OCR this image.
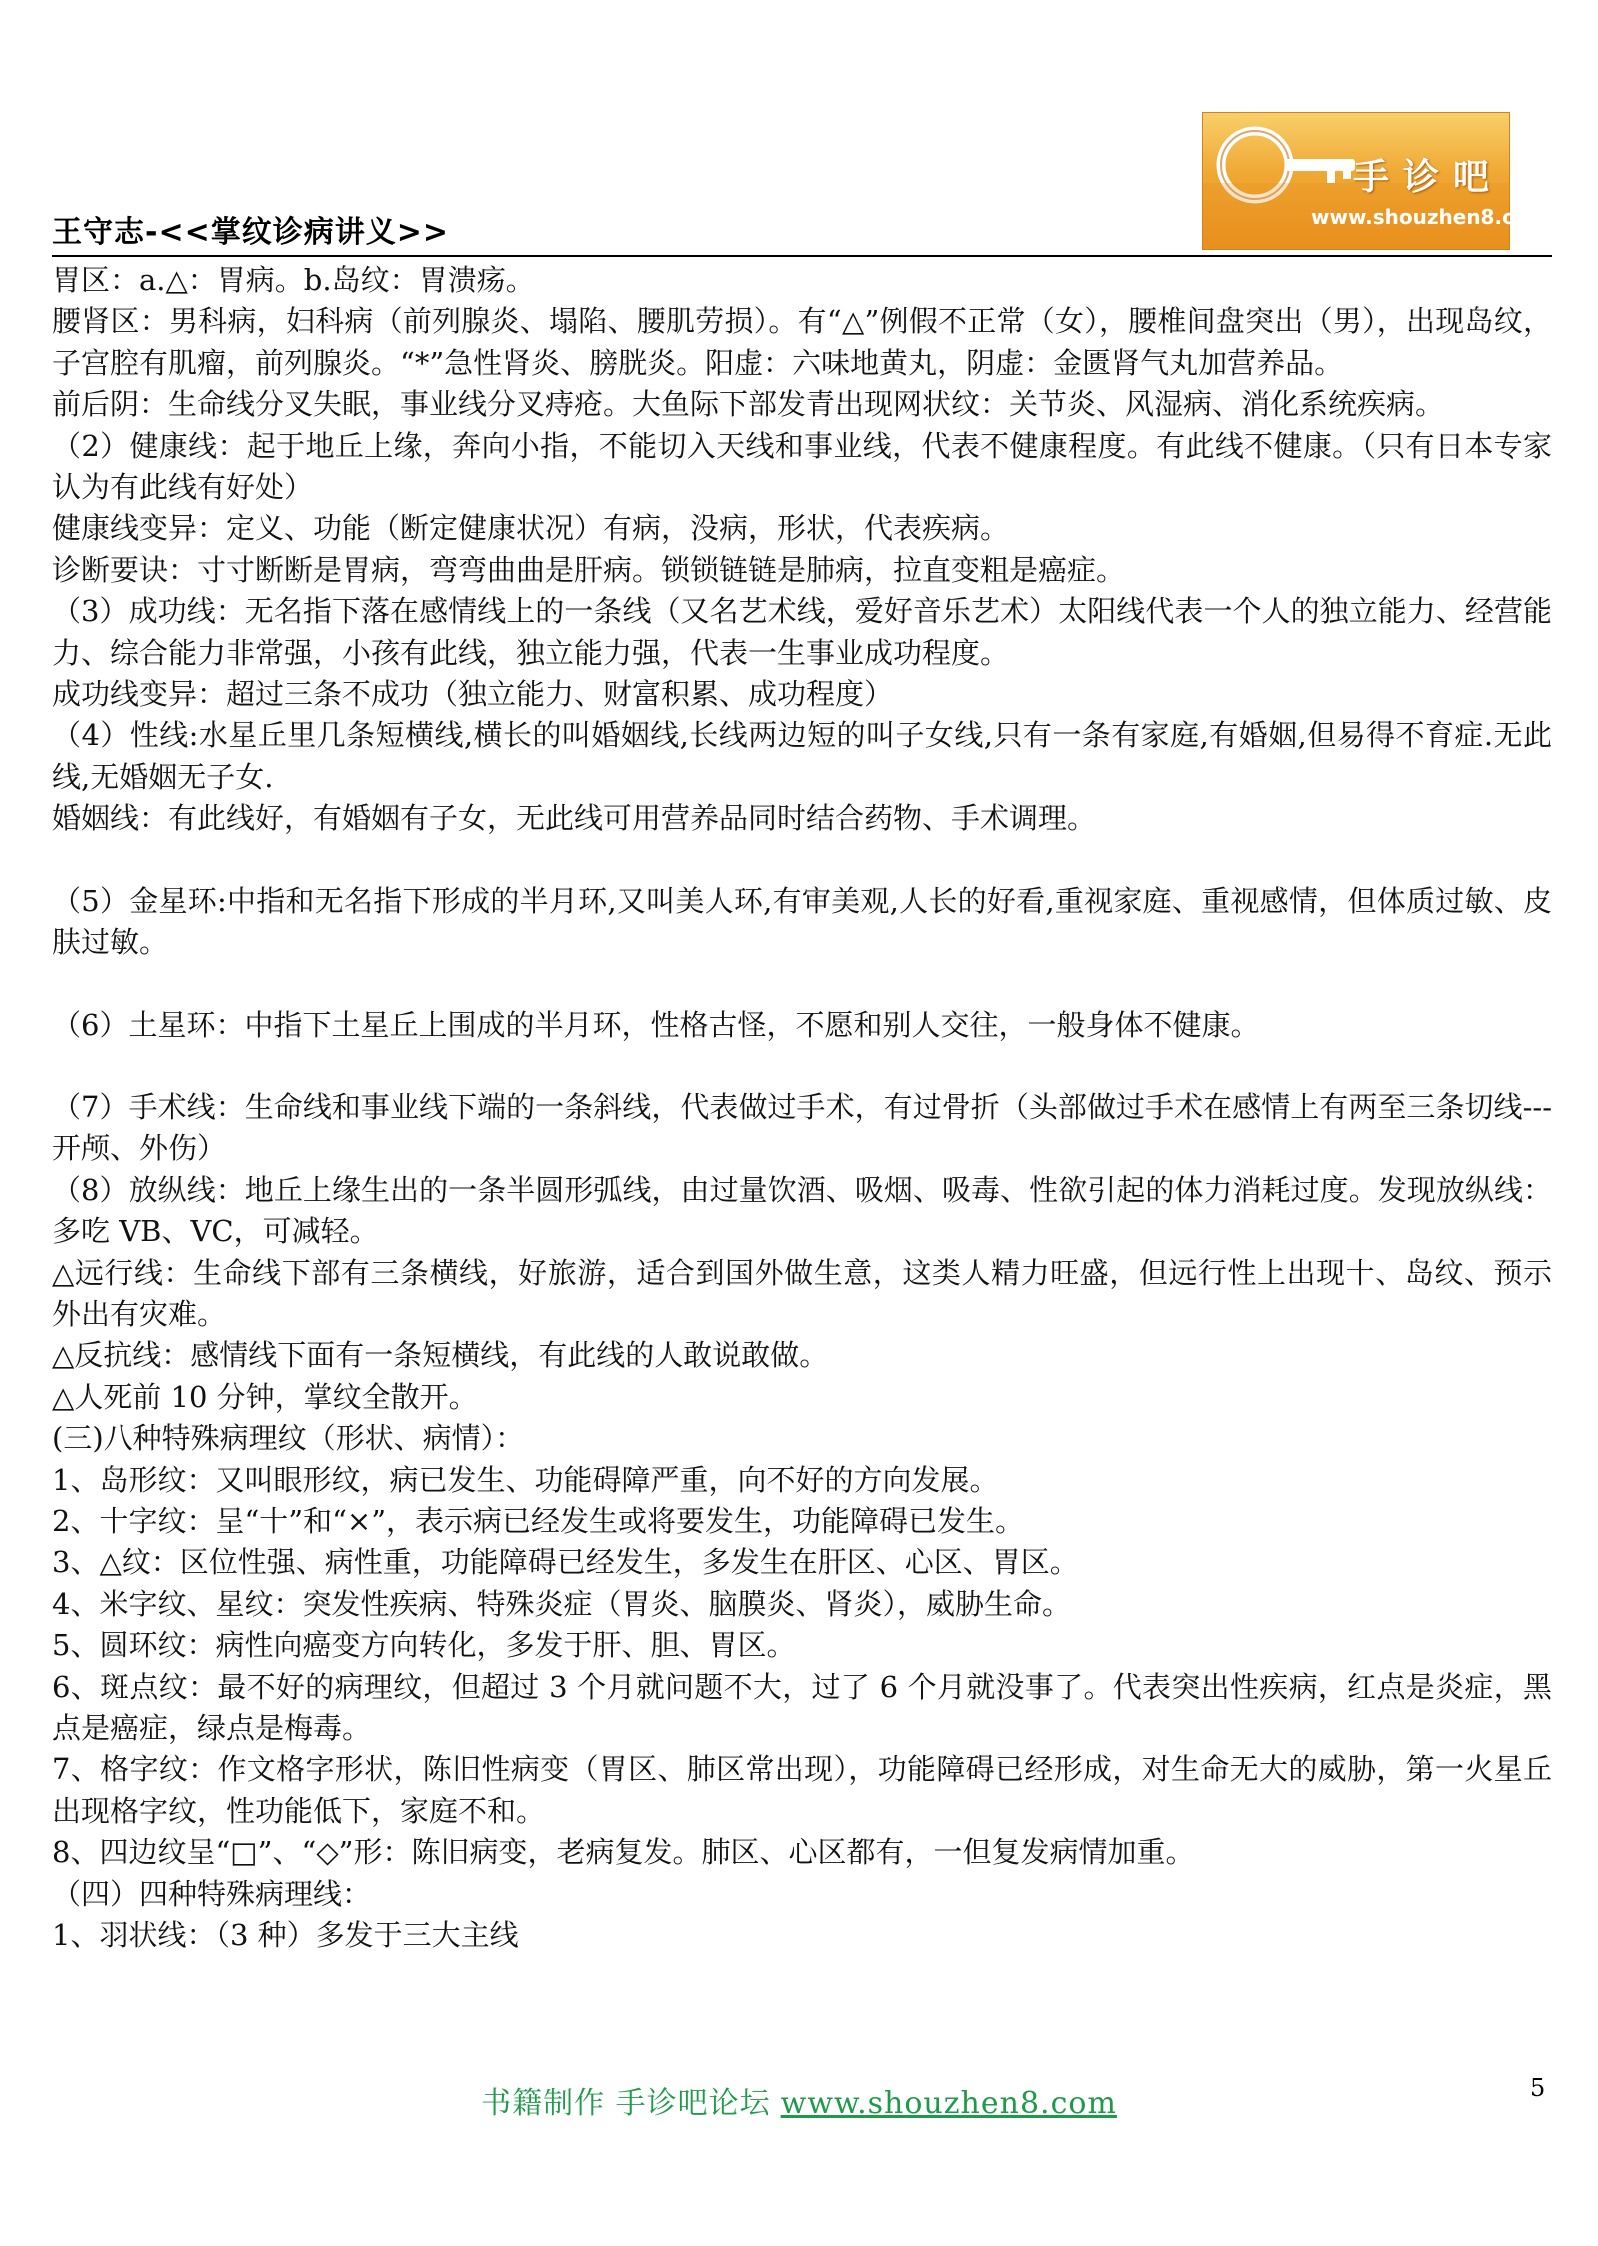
手诊吧
www.shouzhen8.com
王守志-<<掌纹诊病讲义>>

胃区：a.△：胃病。b.岛纹：胃溃疡。

腰肾区：男科病，妇科病（前列腺炎、塌陷、腰肌劳损）。有“△”例假不正常（女），腰椎间盘突出（男），出现岛纹，子宫腔有肌瘤，前列腺炎。“*”急性肾炎、膀胱炎。阳虚：六味地黄丸，阴虚：金匮肾气丸加营养品。

前后阴：生命线分叉失眠，事业线分叉痔疮。大鱼际下部发青出现网状纹：关节炎、风湿病、消化系统疾病。

（2）健康线：起于地丘上缘，奔向小指，不能切入天线和事业线，代表不健康程度。有此线不健康。（只有日本专家认为有此线有好处）

健康线变异：定义、功能（断定健康状况）有病，没病，形状，代表疾病。

诊断要诀：寸寸断断是胃病，弯弯曲曲是肝病。锁锁链链是肺病，拉直变粗是癌症。

（3）成功线：无名指下落在感情线上的一条线（又名艺术线，爱好音乐艺术）太阳线代表一个人的独立能力、经营能力、综合能力非常强，小孩有此线，独立能力强，代表一生事业成功程度。

成功线变异：超过三条不成功（独立能力、财富积累、成功程度）

（4）性线:水星丘里几条短横线,横长的叫婚姻线,长线两边短的叫子女线,只有一条有家庭,有婚姻,但易得不育症.无此线,无婚姻无子女.

婚姻线：有此线好，有婚姻有子女，无此线可用营养品同时结合药物、手术调理。

（5）金星环:中指和无名指下形成的半月环,又叫美人环,有审美观,人长的好看,重视家庭、重视感情，但体质过敏、皮肤过敏。

（6）土星环：中指下土星丘上围成的半月环，性格古怪，不愿和别人交往，一般身体不健康。

（7）手术线：生命线和事业线下端的一条斜线，代表做过手术，有过骨折（头部做过手术在感情上有两至三条切线---开颅、外伤）

（8）放纵线：地丘上缘生出的一条半圆形弧线，由过量饮酒、吸烟、吸毒、性欲引起的体力消耗过度。发现放纵线：多吃 VB、VC，可减轻。

△远行线：生命线下部有三条横线，好旅游，适合到国外做生意，这类人精力旺盛，但远行性上出现十、岛纹、预示外出有灾难。

△反抗线：感情线下面有一条短横线，有此线的人敢说敢做。

△人死前 10 分钟，掌纹全散开。

(三)八种特殊病理纹（形状、病情）：

1、岛形纹：又叫眼形纹，病已发生、功能碍障严重，向不好的方向发展。

2、十字纹：呈“十”和“×”，表示病已经发生或将要发生，功能障碍已发生。

3、△纹：区位性强、病性重，功能障碍已经发生，多发生在肝区、心区、胃区。

4、米字纹、星纹：突发性疾病、特殊炎症（胃炎、脑膜炎、肾炎），威胁生命。

5、圆环纹：病性向癌变方向转化，多发于肝、胆、胃区。

6、斑点纹：最不好的病理纹，但超过 3 个月就问题不大，过了 6 个月就没事了。代表突出性疾病，红点是炎症，黑点是癌症，绿点是梅毒。

7、格字纹：作文格字形状，陈旧性病变（胃区、肺区常出现），功能障碍已经形成，对生命无大的威胁，第一火星丘出现格字纹，性功能低下，家庭不和。

8、四边纹呈“□”、“◇”形：陈旧病变，老病复发。肺区、心区都有，一但复发病情加重。

（四）四种特殊病理线：

1、羽状线：（3 种）多发于三大主线

书籍制作 手诊吧论坛 www.shouzhen8.com	5
